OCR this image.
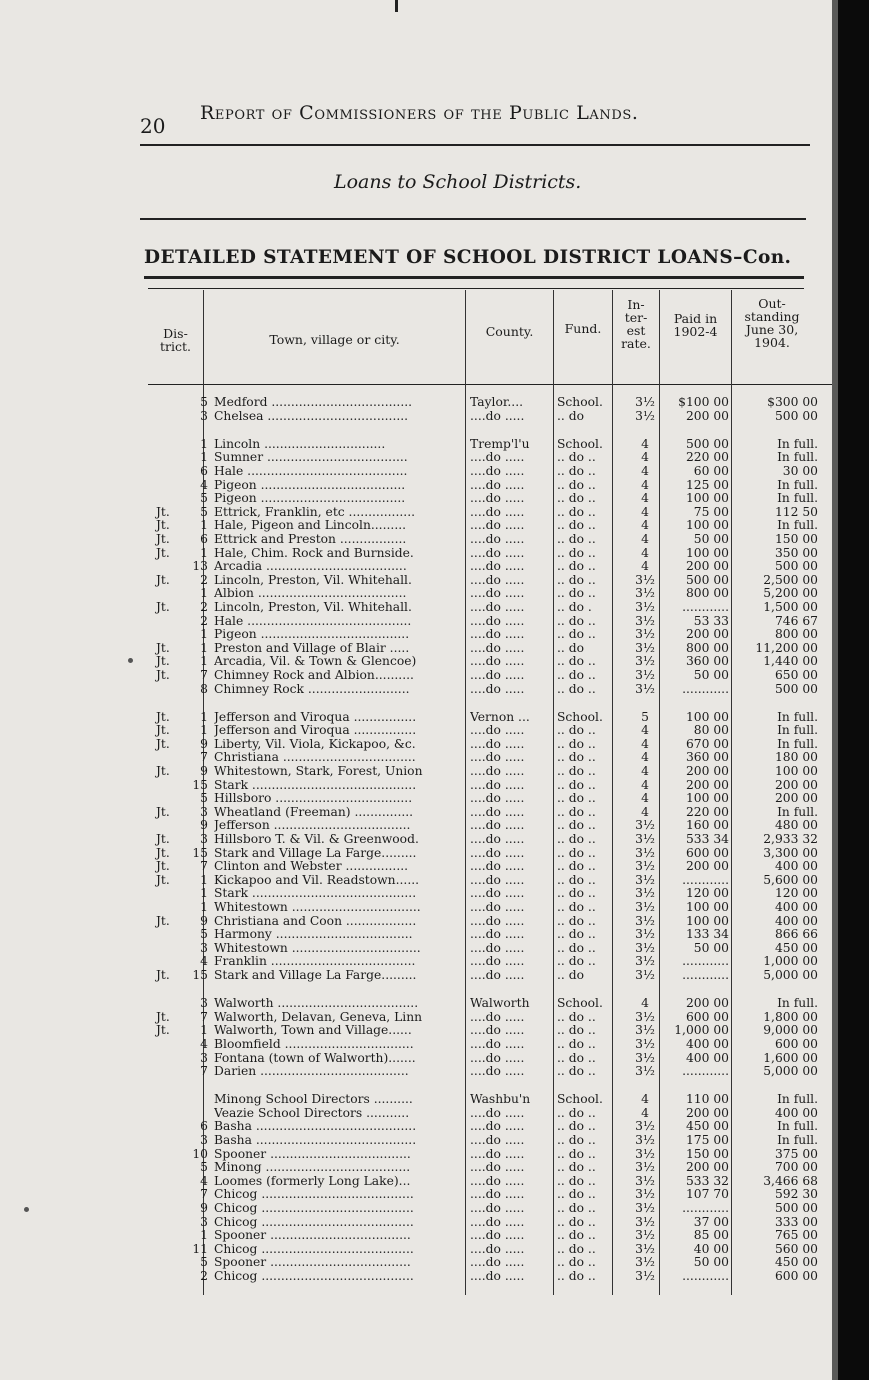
20
Report of Commissioners of the Public Lands.
Loans to School Districts.
DETAILED STATEMENT OF SCHOOL DISTRICT LOANS–Con.
Dis-
trict.	Town, village or city.
County.	Fund.
In-
ter-
est
rate.
Paid in
1902-4
Out-
standing
June 30,
1904.
5 Medford ....................................	Taylor....	School.	3½	$100 00	$300 00
3 Chelsea ....................................	....do .....	.. do	3½	200 00	500 00
1 Lincoln ...............................	Tremp'l'u	School.	4	500 00	In full.
1 Sumner ....................................	....do .....	.. do ..	4	220 00	In full.
6 Hale .........................................	....do .....	.. do ..	4	60 00	30 00
4 Pigeon .....................................	....do .....	.. do ..	4	125 00	In full.
5 Pigeon .....................................	....do .....	.. do ..	4	100 00	In full.
Jt.	5 Ettrick, Franklin, etc .................	....do .....	.. do ..	4	75 00	112 50
Jt.	1 Hale, Pigeon and Lincoln.........	....do .....	.. do ..	4	100 00	In full.
Jt.	6 Ettrick and Preston .................	....do .....	.. do ..	4	50 00	150 00
Jt.	1 Hale, Chim. Rock and Burnside.	....do .....	.. do ..	4	100 00	350 00
13 Arcadia ....................................	....do .....	.. do ..	4	200 00	500 00
Jt.	2 Lincoln, Preston, Vil. Whitehall.	....do .....	.. do ..	3½	500 00	2,500 00
1 Albion ......................................	....do .....	.. do ..	3½	800 00	5,200 00
Jt.	2 Lincoln, Preston, Vil. Whitehall.	....do .....	.. do .	3½	............	1,500 00
2 Hale ..........................................	....do .....	.. do ..	3½	53 33	746 67
1 Pigeon ......................................	....do .....	.. do ..	3½	200 00	800 00
Jt.	1 Preston and Village of Blair .....	....do .....	.. do	3½	800 00	11,200 00
Jt.	1 Arcadia, Vil. & Town & Glencoe)	....do .....	.. do ..	3½	360 00	1,440 00
Jt.	7 Chimney Rock and Albion..........	....do .....	.. do ..	3½	50 00	650 00
8 Chimney Rock ..........................	....do .....	.. do ..	3½	............	500 00
Jt.	1 Jefferson and Viroqua ................	Vernon ...	School.	5	100 00	In full.
Jt.	1 Jefferson and Viroqua ................	....do .....	.. do ..	4	80 00	In full.
Jt.	9 Liberty, Vil. Viola, Kickapoo, &c.	....do .....	.. do ..	4	670 00	In full.
7 Christiana ..................................	....do .....	.. do ..	4	360 00	180 00
Jt.	9 Whitestown, Stark, Forest, Union	....do .....	.. do ..	4	200 00	100 00
15 Stark ..........................................	....do .....	.. do ..	4	200 00	200 00
5 Hillsboro ...................................	....do .....	.. do ..	4	100 00	200 00
Jt.	3 Wheatland (Freeman) ...............	....do .....	.. do ..	4	220 00	In full.
9 Jefferson ...................................	....do .....	.. do ..	3½	160 00	480 00
Jt.	3 Hillsboro T. & Vil. & Greenwood.	....do .....	.. do ..	3½	533 34	2,933 32
Jt.	15 Stark and Village La Farge.........	....do .....	.. do ..	3½	600 00	3,300 00
Jt.	7 Clinton and Webster ................	....do .....	.. do ..	3½	200 00	400 00
Jt.	1 Kickapoo and Vil. Readstown......	....do .....	.. do ..	3½	............	5,600 00
1 Stark ..........................................	....do .....	.. do ..	3½	120 00	120 00
1 Whitestown .................................	....do .....	.. do ..	3½	100 00	400 00
Jt.	9 Christiana and Coon ..................	....do .....	.. do ..	3½	100 00	400 00
5 Harmony ...................................	....do .....	.. do ..	3½	133 34	866 66
3 Whitestown .................................	....do .....	.. do ..	3½	50 00	450 00
4 Franklin .....................................	....do .....	.. do ..	3½	............	1,000 00
Jt.	15 Stark and Village La Farge.........	....do .....	.. do	3½	............	5,000 00
3 Walworth ....................................	Walworth	School.	4	200 00	In full.
Jt.	7 Walworth, Delavan, Geneva, Linn	....do .....	.. do ..	3½	600 00	1,800 00
Jt.	1 Walworth, Town and Village......	....do .....	.. do ..	3½	1,000 00	9,000 00
4 Bloomfield .................................	....do .....	.. do ..	3½	400 00	600 00
3 Fontana (town of Walworth).......	....do .....	.. do ..	3½	400 00	1,600 00
7 Darien ......................................	....do .....	.. do ..	3½	............	5,000 00
Minong School Directors ..........	Washbu'n	School.	4	110 00	In full.
Veazie School Directors ...........	....do .....	.. do ..	4	200 00	400 00
6 Basha .........................................	....do .....	.. do ..	3½	450 00	In full.
3 Basha .........................................	....do .....	.. do ..	3½	175 00	In full.
10 Spooner ....................................	....do .....	.. do ..	3½	150 00	375 00
5 Minong .....................................	....do .....	.. do ..	3½	200 00	700 00
4 Loomes (formerly Long Lake)...	....do .....	.. do ..	3½	533 32	3,466 68
7 Chicog .......................................	....do .....	.. do ..	3½	107 70	592 30
9 Chicog .......................................	....do .....	.. do ..	3½	............	500 00
3 Chicog .......................................	....do .....	.. do ..	3½	37 00	333 00
1 Spooner ....................................	....do .....	.. do ..	3½	85 00	765 00
11 Chicog .......................................	....do .....	.. do ..	3½	40 00	560 00
5 Spooner ....................................	....do .....	.. do ..	3½	50 00	450 00
2 Chicog .......................................	....do .....	.. do ..	3½	............	600 00
